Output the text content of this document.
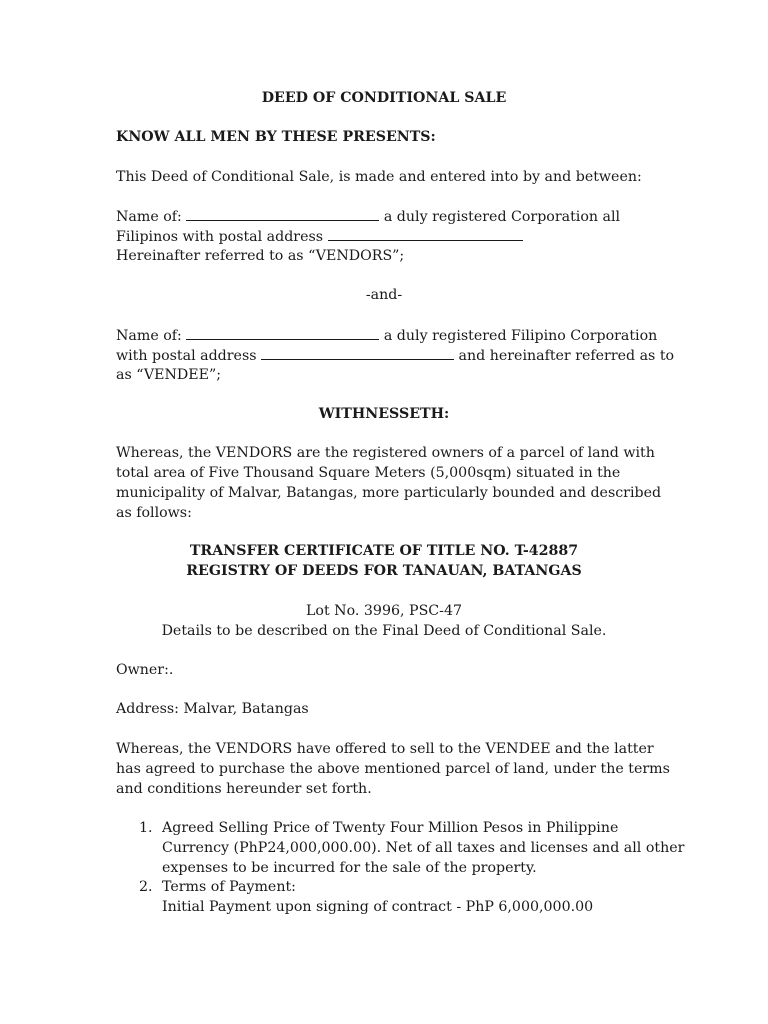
DEED OF CONDITIONAL SALE
KNOW ALL MEN BY THESE PRESENTS:
This Deed of Conditional Sale, is made and entered into by and between:
Name of:	a duly registered Corporation all
Filipinos with postal address
Hereinafter referred to as “VENDORS”;
-and-
Name of:	a duly registered Filipino Corporation
with postal address	and hereinafter referred as to
as “VENDEE”;
WITHNESSETH:
Whereas, the VENDORS are the registered owners of a parcel of land with
total area of Five Thousand Square Meters (5,000sqm) situated in the
municipality of Malvar, Batangas, more particularly bounded and described
as follows:
TRANSFER CERTIFICATE OF TITLE NO. T-42887
REGISTRY OF DEEDS FOR TANAUAN, BATANGAS
Lot No. 3996, PSC-47
Details to be described on the Final Deed of Conditional Sale.
Owner:.
Address: Malvar, Batangas
Whereas, the VENDORS have offered to sell to the VENDEE and the latter
has agreed to purchase the above mentioned parcel of land, under the terms
and conditions hereunder set forth.
1. Agreed Selling Price of Twenty Four Million Pesos in Philippine
Currency (PhP24,000,000.00). Net of all taxes and licenses and all other
expenses to be incurred for the sale of the property.
2. Terms of Payment:
Initial Payment upon signing of contract - PhP 6,000,000.00
